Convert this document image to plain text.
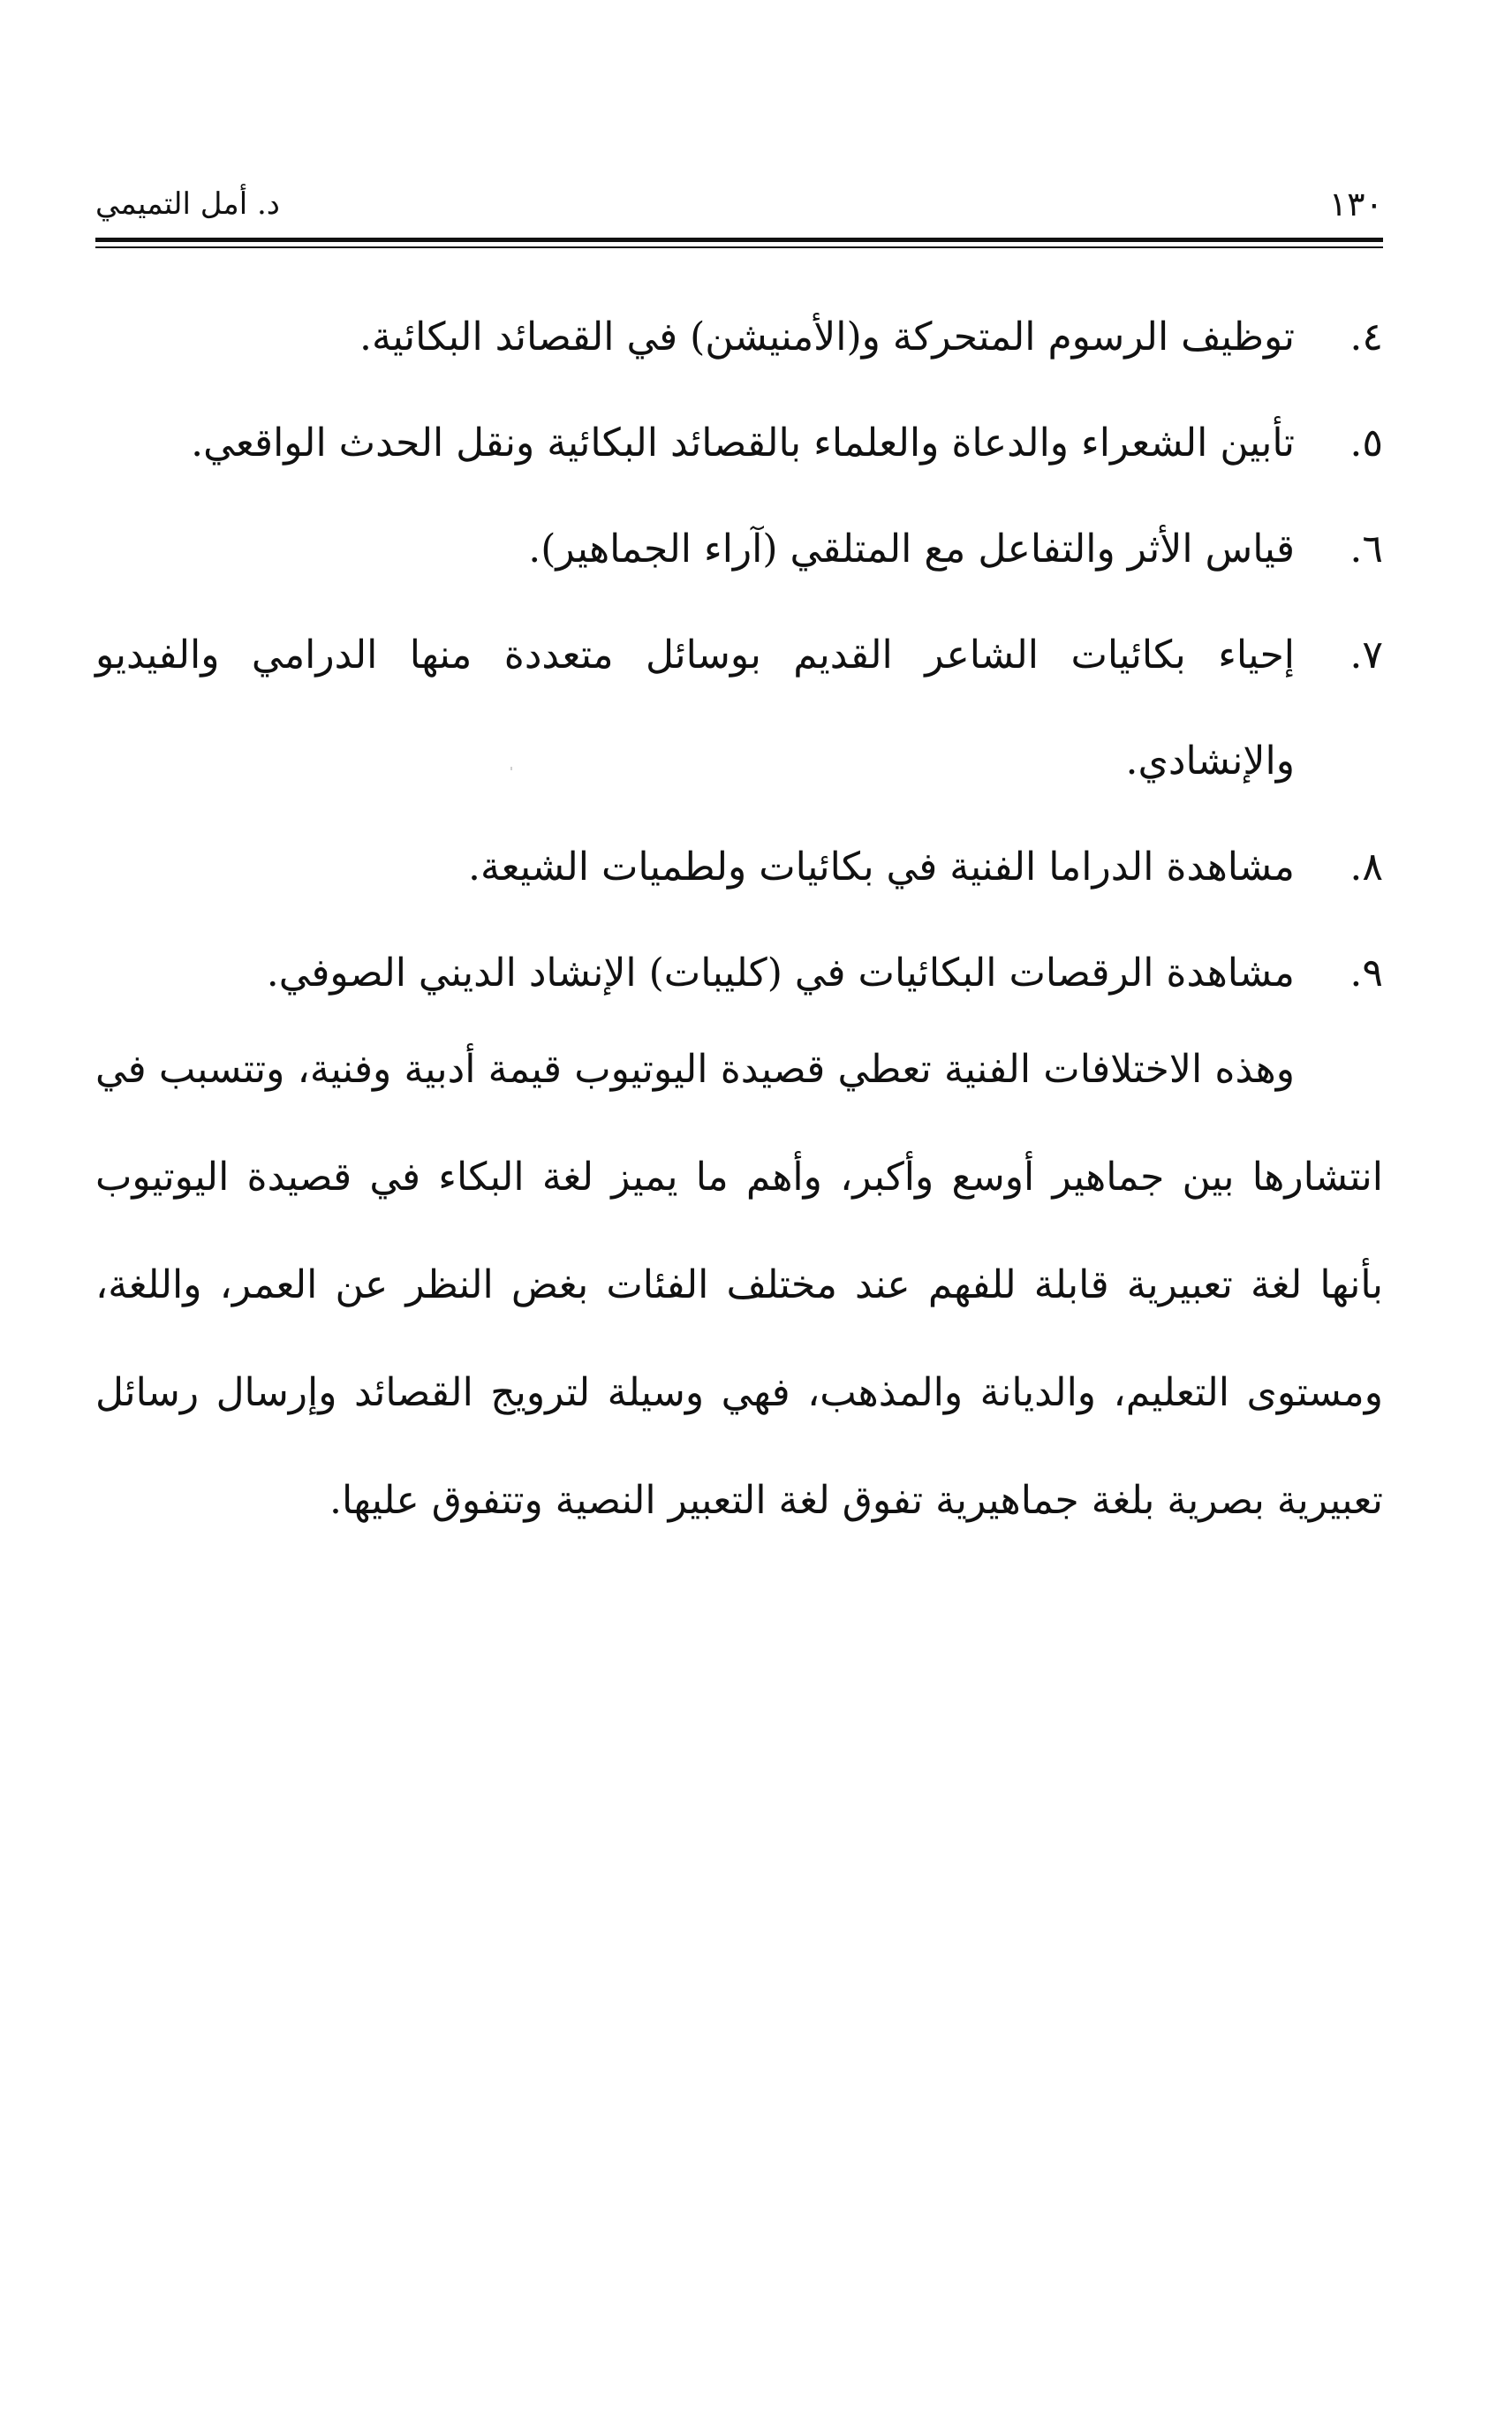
١٣٠
د. أمل التميمي
٤.
توظيف الرسوم المتحركة و(الأمنيشن) في القصائد البكائية.
٥.
تأبين الشعراء والدعاة والعلماء بالقصائد البكائية ونقل الحدث الواقعي.
٦.
قياس الأثر والتفاعل مع المتلقي (آراء الجماهير).
٧.
إحياء بكائيات الشاعر القديم بوسائل متعددة منها الدرامي والفيديو والإنشادي.
٨.
مشاهدة الدراما الفنية في بكائيات ولطميات الشيعة.
٩.
مشاهدة الرقصات البكائيات في (كليبات) الإنشاد الديني الصوفي.

وهذه الاختلافات الفنية تعطي قصيدة اليوتيوب قيمة أدبية وفنية، وتتسبب في انتشارها بين جماهير أوسع وأكبر، وأهم ما يميز لغة البكاء في قصيدة اليوتيوب بأنها لغة تعبيرية قابلة للفهم عند مختلف الفئات بغض النظر عن العمر، واللغة، ومستوى التعليم، والديانة والمذهب، فهي وسيلة لترويج القصائد وإرسال رسائل تعبيرية بصرية بلغة جماهيرية تفوق لغة التعبير النصية وتتفوق عليها.
